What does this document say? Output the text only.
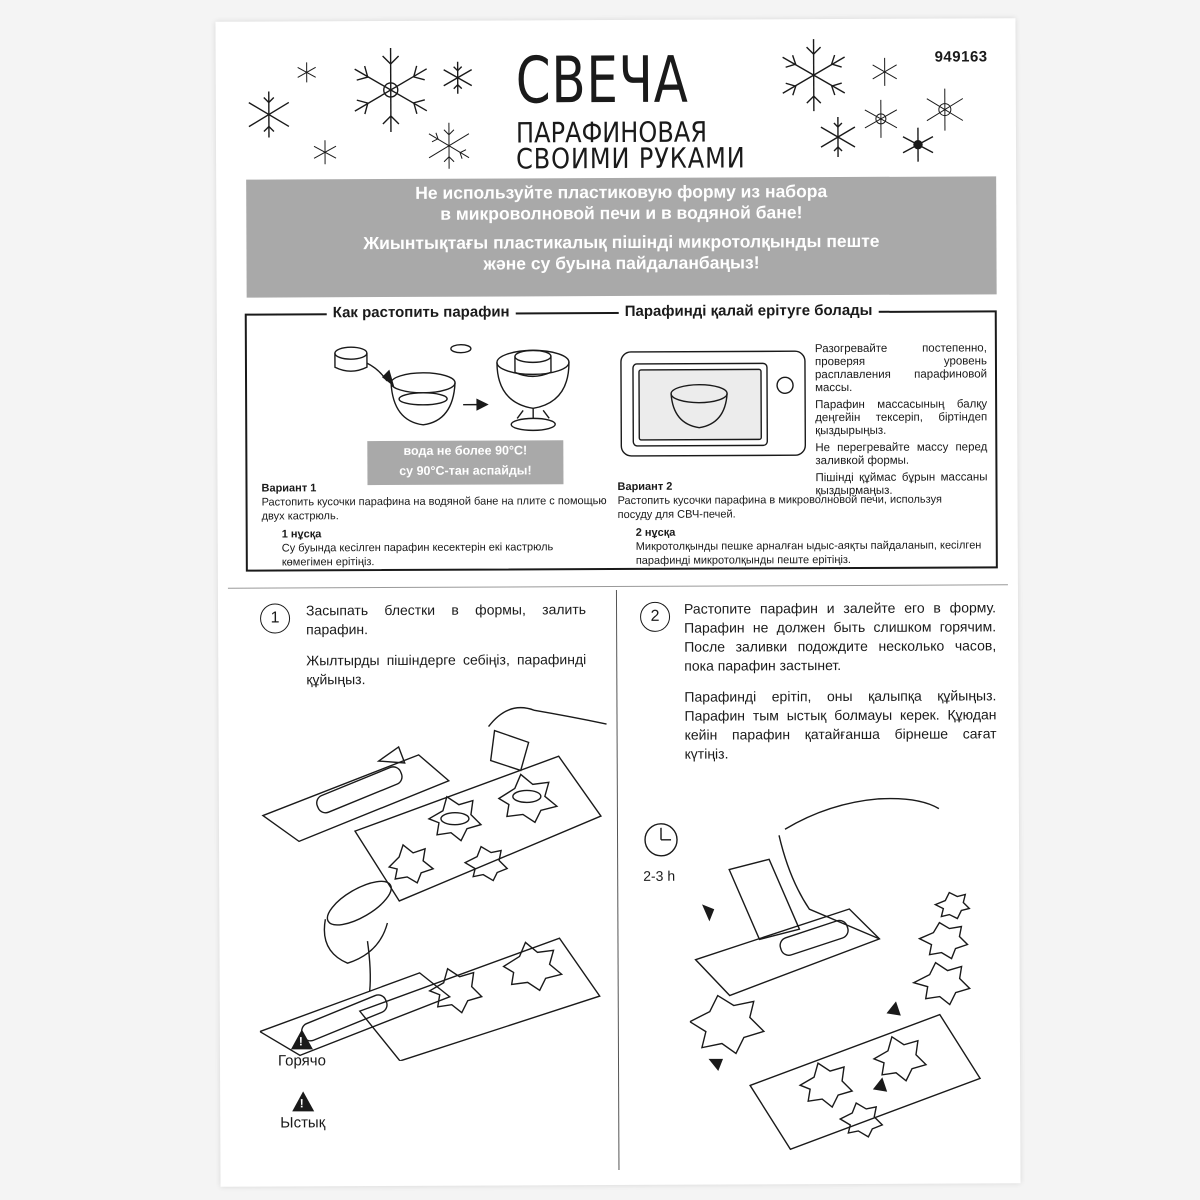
949163
СВЕЧА
ПАРАФИНОВАЯ
СВОИМИ РУКАМИ

Не используйте пластиковую форму из набора
в микроволновой печи и в водяной бане!

Жиынтықтағы пластикалық пішінді микротолқынды пеште
және су буына пайдаланбаңыз!

Как растопить парафин	Парафинді қалай ерітуге болады
вода не более 90°C!
су 90°C-тан аспайды!

Разогревайте постепенно, проверяя уровень расплавления парафиновой массы.

Парафин массасының балқу деңгейін тексеріп, біртіндеп қыздырыңыз.

Не перегревайте массу перед заливкой формы.

Пішінді құймас бұрын массаны қыздырмаңыз.

Вариант 1
Растопить кусочки парафина на водяной бане на плите с помощью двух кастрюль.
1 нұсқа
Су буында кесілген парафин кесектерін екі кастрюль көмегімен ерітіңіз.
Вариант 2
Растопить кусочки парафина в микроволновой печи, используя посуду для СВЧ-печей.
2 нұсқа
Микротолқынды пешке арналған ыдыс-аяқты пайдаланып, кесілген парафинді микротолқынды пеште ерітіңіз.
1	Засыпать блестки в формы, залить парафин.

Жылтырды пішіндерге себіңіз, парафинді құйыңыз.

!
Горячо
!
Ыстық
2	Растопите парафин и залейте его в форму. Парафин не должен быть слишком горячим. После заливки подождите несколько часов, пока парафин застынет.

Парафинді ерітіп, оны қалыпқа құйыңыз. Парафин тым ыстық болмауы керек. Құюдан кейін парафин қатайғанша бірнеше сағат күтіңіз.

2-3 h
